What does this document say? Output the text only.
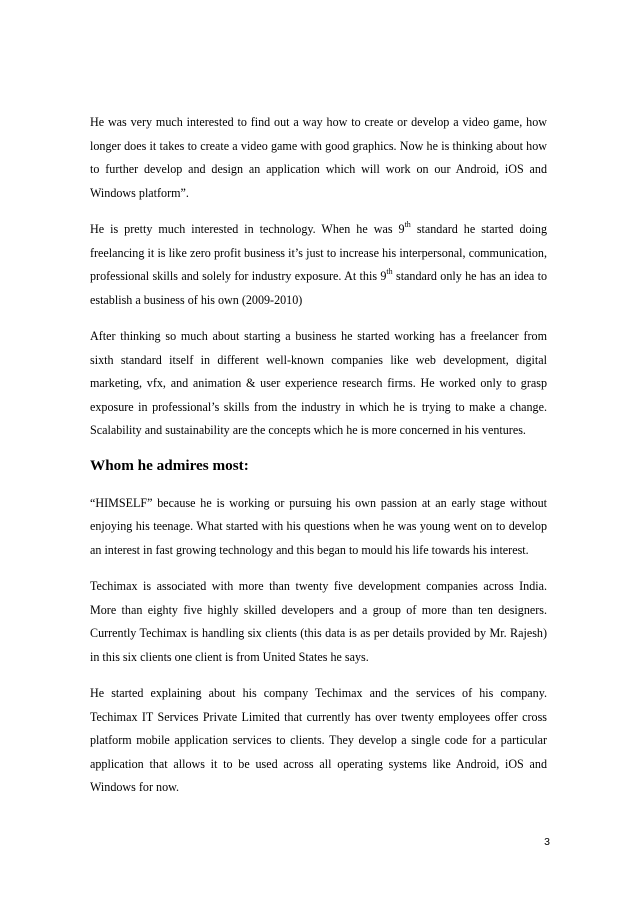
He was very much interested to find out a way how to create or develop a video game, how longer does it takes to create a video game with good graphics. Now he is thinking about how to further develop and design an application which will work on our Android, iOS and Windows platform”.

He is pretty much interested in technology. When he was 9th standard he started doing freelancing it is like zero profit business it’s just to increase his interpersonal, communication, professional skills and solely for industry exposure. At this 9th standard only he has an idea to establish a business of his own (2009-2010)

After thinking so much about starting a business he started working has a freelancer from sixth standard itself in different well-known companies like web development, digital marketing, vfx, and animation & user experience research firms. He worked only to grasp exposure in professional’s skills from the industry in which he is trying to make a change. Scalability and sustainability are the concepts which he is more concerned in his ventures.

Whom he admires most:

“HIMSELF” because he is working or pursuing his own passion at an early stage without enjoying his teenage. What started with his questions when he was young went on to develop an interest in fast growing technology and this began to mould his life towards his interest.

Techimax is associated with more than twenty five development companies across India. More than eighty five highly skilled developers and a group of more than ten designers. Currently Techimax is handling six clients (this data is as per details provided by Mr. Rajesh) in this six clients one client is from United States he says.

He started explaining about his company Techimax and the services of his company. Techimax IT Services Private Limited that currently has over twenty employees offer cross platform mobile application services to clients. They develop a single code for a particular application that allows it to be used across all operating systems like Android, iOS and Windows for now.

3
